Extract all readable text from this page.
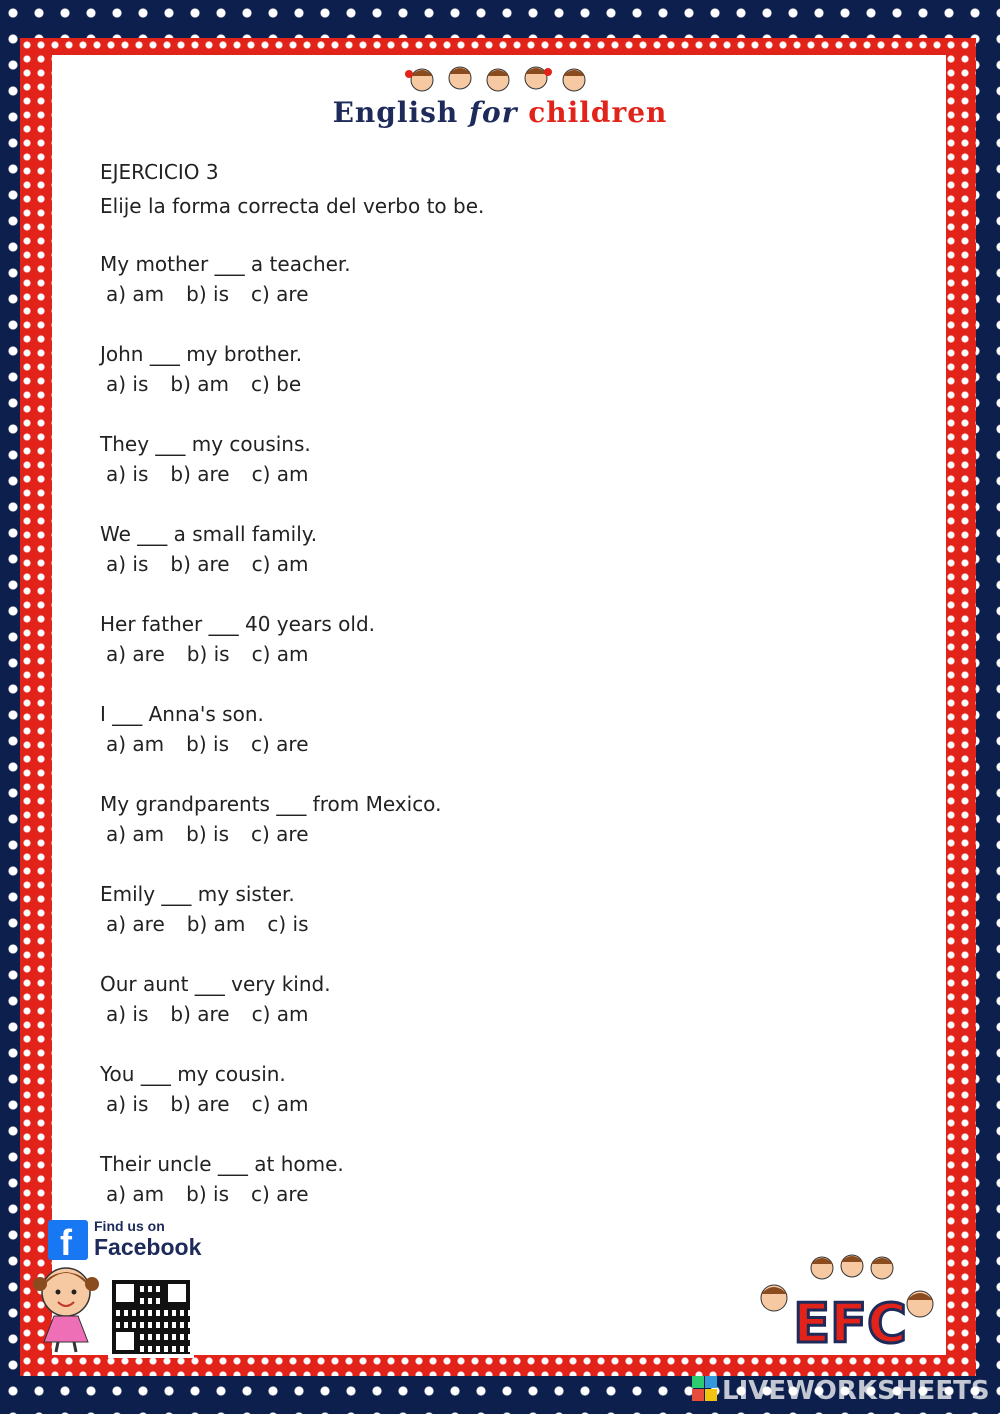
English for children
EJERCICIO 3
Elije la forma correcta del verbo to be.
My mother ___ a teacher.
a) am b) is c) are
John ___ my brother.
a) is b) am c) be
They ___ my cousins.
a) is b) are c) am
We ___ a small family.
a) is b) are c) am
Her father ___ 40 years old.
a) are b) is c) am
I ___ Anna's son.
a) am b) is c) are
My grandparents ___ from Mexico.
a) am b) is c) are
Emily ___ my sister.
a) are b) am c) is
Our aunt ___ very kind.
a) is b) are c) am
You ___ my cousin.
a) is b) are c) am
Their uncle ___ at home.
a) am b) is c) are
f Find us on
Facebook
EFC
LIVEWORKSHEETS
